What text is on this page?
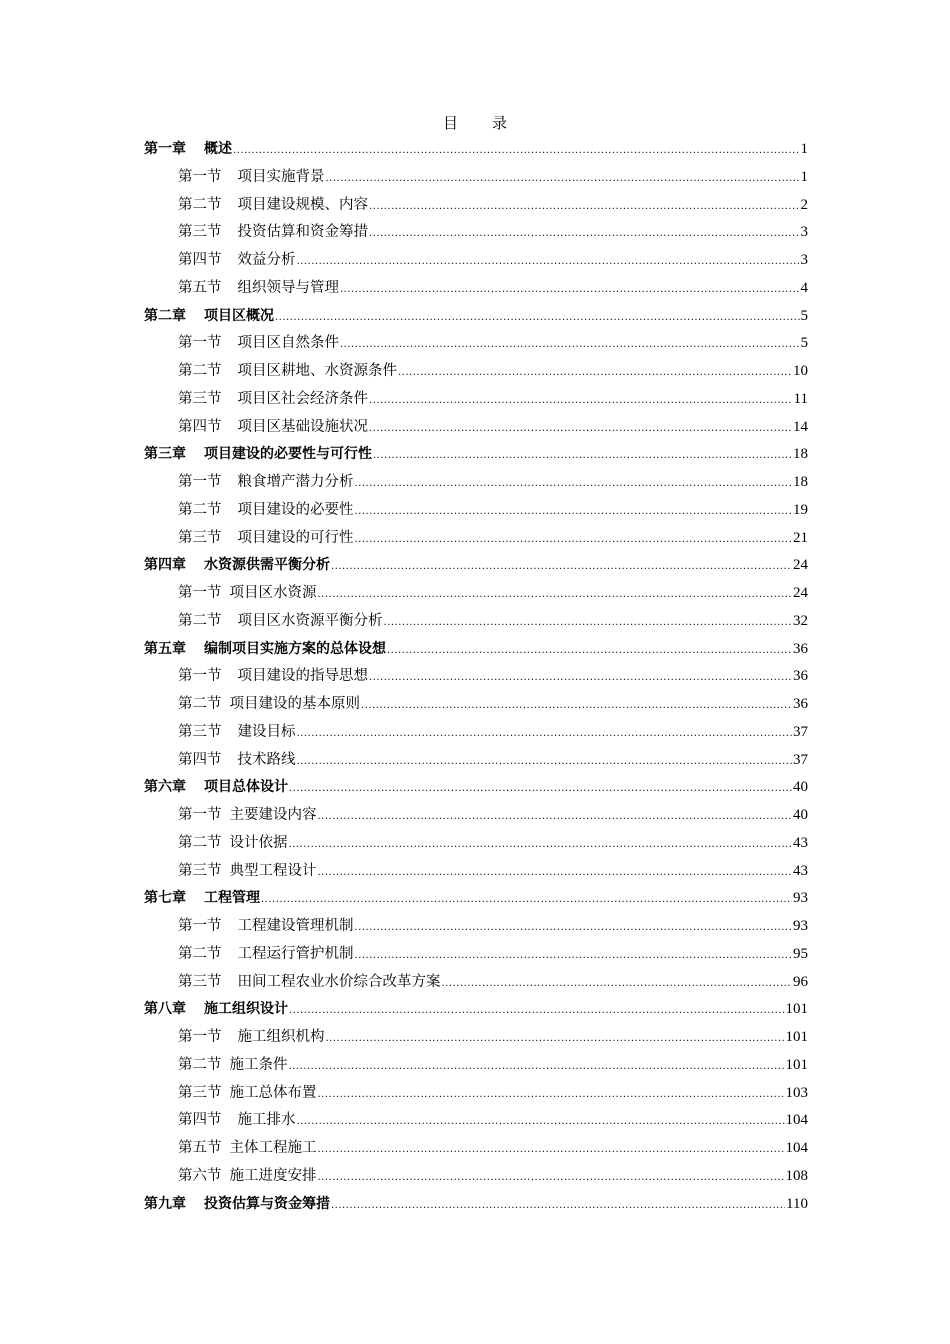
目 录
第一章 概述 .....	1
第一节 项目实施背景 .....	1
第二节 项目建设规模、内容 .....	2
第三节 投资估算和资金筹措 .....	3
第四节 效益分析 .....	3
第五节 组织领导与管理 .....	4
第二章 项目区概况 .....	5
第一节 项目区自然条件 .....	5
第二节 项目区耕地、水资源条件 .....	10
第三节 项目区社会经济条件 .....	11
第四节 项目区基础设施状况 .....	14
第三章 项目建设的必要性与可行性 .....	18
第一节 粮食增产潜力分析 .....	18
第二节 项目建设的必要性 .....	19
第三节 项目建设的可行性 .....	21
第四章 水资源供需平衡分析 .....	24
第一节 项目区水资源 .....	24
第二节 项目区水资源平衡分析 .....	32
第五章 编制项目实施方案的总体设想 .....	36
第一节 项目建设的指导思想 .....	36
第二节 项目建设的基本原则 .....	36
第三节 建设目标 .....	37
第四节 技术路线 .....	37
第六章 项目总体设计 .....	40
第一节 主要建设内容 .....	40
第二节 设计依据 .....	43
第三节 典型工程设计 .....	43
第七章 工程管理 .....	93
第一节 工程建设管理机制 .....	93
第二节 工程运行管护机制 .....	95
第三节 田间工程农业水价综合改革方案 .....	96
第八章 施工组织设计 .....	101
第一节 施工组织机构 .....	101
第二节 施工条件 .....	101
第三节 施工总体布置 .....	103
第四节 施工排水 .....	104
第五节 主体工程施工 .....	104
第六节 施工进度安排 .....	108
第九章 投资估算与资金筹措 .....	110
